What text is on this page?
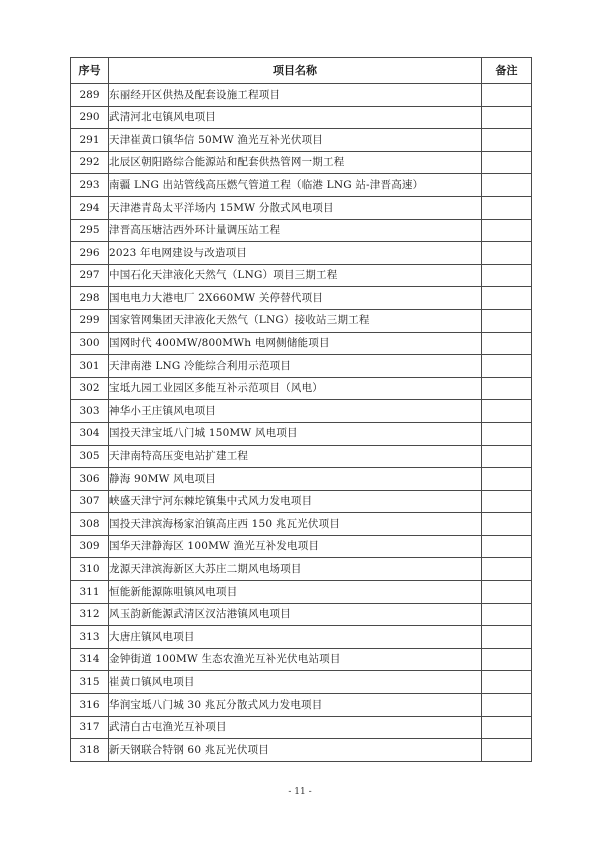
序号	项目名称	备注
289	东丽经开区供热及配套设施工程项目	
290	武清河北屯镇风电项目	
291	天津崔黄口镇华信 50MW 渔光互补光伏项目	
292	北辰区朝阳路综合能源站和配套供热管网一期工程	
293	南疆 LNG 出站管线高压燃气管道工程（临港 LNG 站-津晋高速）	
294	天津港青岛太平洋场内 15MW 分散式风电项目	
295	津晋高压塘沽西外环计量调压站工程	
296	2023 年电网建设与改造项目	
297	中国石化天津液化天然气（LNG）项目三期工程	
298	国电电力大港电厂 2X660MW 关停替代项目	
299	国家管网集团天津液化天然气（LNG）接收站三期工程	
300	国网时代 400MW/800MWh 电网侧储能项目	
301	天津南港 LNG 冷能综合利用示范项目	
302	宝坻九园工业园区多能互补示范项目（风电）	
303	神华小王庄镇风电项目	
304	国投天津宝坻八门城 150MW 风电项目	
305	天津南特高压变电站扩建工程	
306	静海 90MW 风电项目	
307	峡盛天津宁河东棘坨镇集中式风力发电项目	
308	国投天津滨海杨家泊镇高庄西 150 兆瓦光伏项目	
309	国华天津静海区 100MW 渔光互补发电项目	
310	龙源天津滨海新区大苏庄二期风电场项目	
311	恒能新能源陈咀镇风电项目	
312	风玉韵新能源武清区汊沽港镇风电项目	
313	大唐庄镇风电项目	
314	金钟街道 100MW 生态农渔光互补光伏电站项目	
315	崔黄口镇风电项目	
316	华润宝坻八门城 30 兆瓦分散式风力发电项目	
317	武清白古屯渔光互补项目	
318	新天钢联合特钢 60 兆瓦光伏项目	
- 11 -
